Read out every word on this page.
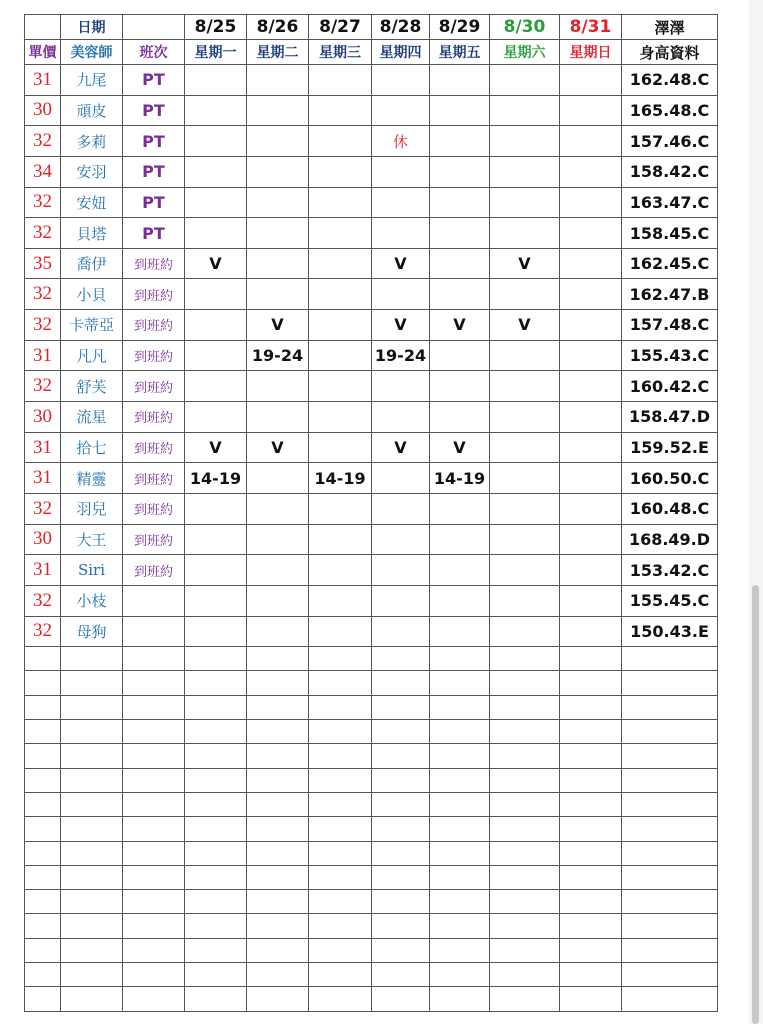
	日期		8/25	8/26	8/27	8/28	8/29	8/30	8/31	澤澤
單價	美容師	班次	星期一	星期二	星期三	星期四	星期五	星期六	星期日	身高資料
31	九尾	PT								162.48.C
30	頑皮	PT								165.48.C
32	多莉	PT				休				157.46.C
34	安羽	PT								158.42.C
32	安妞	PT								163.47.C
32	貝塔	PT								158.45.C
35	喬伊	到班約	V			V		V		162.45.C
32	小貝	到班約								162.47.B
32	卡蒂亞	到班約		V		V	V	V		157.48.C
31	凡凡	到班約		19-24		19-24				155.43.C
32	舒芙	到班約								160.42.C
30	流星	到班約								158.47.D
31	拾七	到班約	V	V		V	V			159.52.E
31	精靈	到班約	14-19		14-19		14-19			160.50.C
32	羽兒	到班約								160.48.C
30	大王	到班約								168.49.D
31	Siri	到班約								153.42.C
32	小枝									155.45.C
32	母狗									150.43.E
